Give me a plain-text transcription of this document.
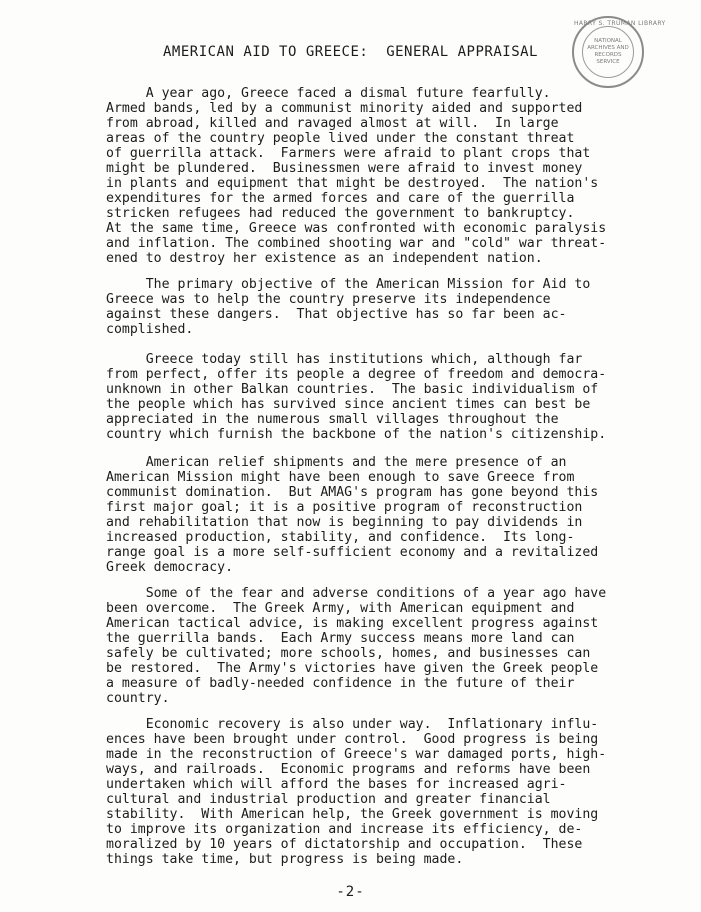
AMERICAN AID TO GREECE:  GENERAL APPRAISAL
HARRY S. TRUMAN LIBRARY
NATIONAL
ARCHIVES AND
RECORDS
SERVICE
A year ago, Greece faced a dismal future fearfully.
Armed bands, led by a communist minority aided and supported
from abroad, killed and ravaged almost at will.  In large
areas of the country people lived under the constant threat
of guerrilla attack.  Farmers were afraid to plant crops that
might be plundered.  Businessmen were afraid to invest money
in plants and equipment that might be destroyed.  The nation's
expenditures for the armed forces and care of the guerrilla
stricken refugees had reduced the government to bankruptcy.
At the same time, Greece was confronted with economic paralysis
and inflation. The combined shooting war and "cold" war threat-
ened to destroy her existence as an independent nation.
The primary objective of the American Mission for Aid to
Greece was to help the country preserve its independence
against these dangers.  That objective has so far been ac-
complished.
Greece today still has institutions which, although far
from perfect, offer its people a degree of freedom and democra-
unknown in other Balkan countries.  The basic individualism of
the people which has survived since ancient times can best be
appreciated in the numerous small villages throughout the
country which furnish the backbone of the nation's citizenship.
American relief shipments and the mere presence of an
American Mission might have been enough to save Greece from
communist domination.  But AMAG's program has gone beyond this
first major goal; it is a positive program of reconstruction
and rehabilitation that now is beginning to pay dividends in
increased production, stability, and confidence.  Its long-
range goal is a more self-sufficient economy and a revitalized
Greek democracy.
Some of the fear and adverse conditions of a year ago have
been overcome.  The Greek Army, with American equipment and
American tactical advice, is making excellent progress against
the guerrilla bands.  Each Army success means more land can
safely be cultivated; more schools, homes, and businesses can
be restored.  The Army's victories have given the Greek people
a measure of badly-needed confidence in the future of their
country.
Economic recovery is also under way.  Inflationary influ-
ences have been brought under control.  Good progress is being
made in the reconstruction of Greece's war damaged ports, high-
ways, and railroads.  Economic programs and reforms have been
undertaken which will afford the bases for increased agri-
cultural and industrial production and greater financial
stability.  With American help, the Greek government is moving
to improve its organization and increase its efficiency, de-
moralized by 10 years of dictatorship and occupation.  These
things take time, but progress is being made.
-2-
